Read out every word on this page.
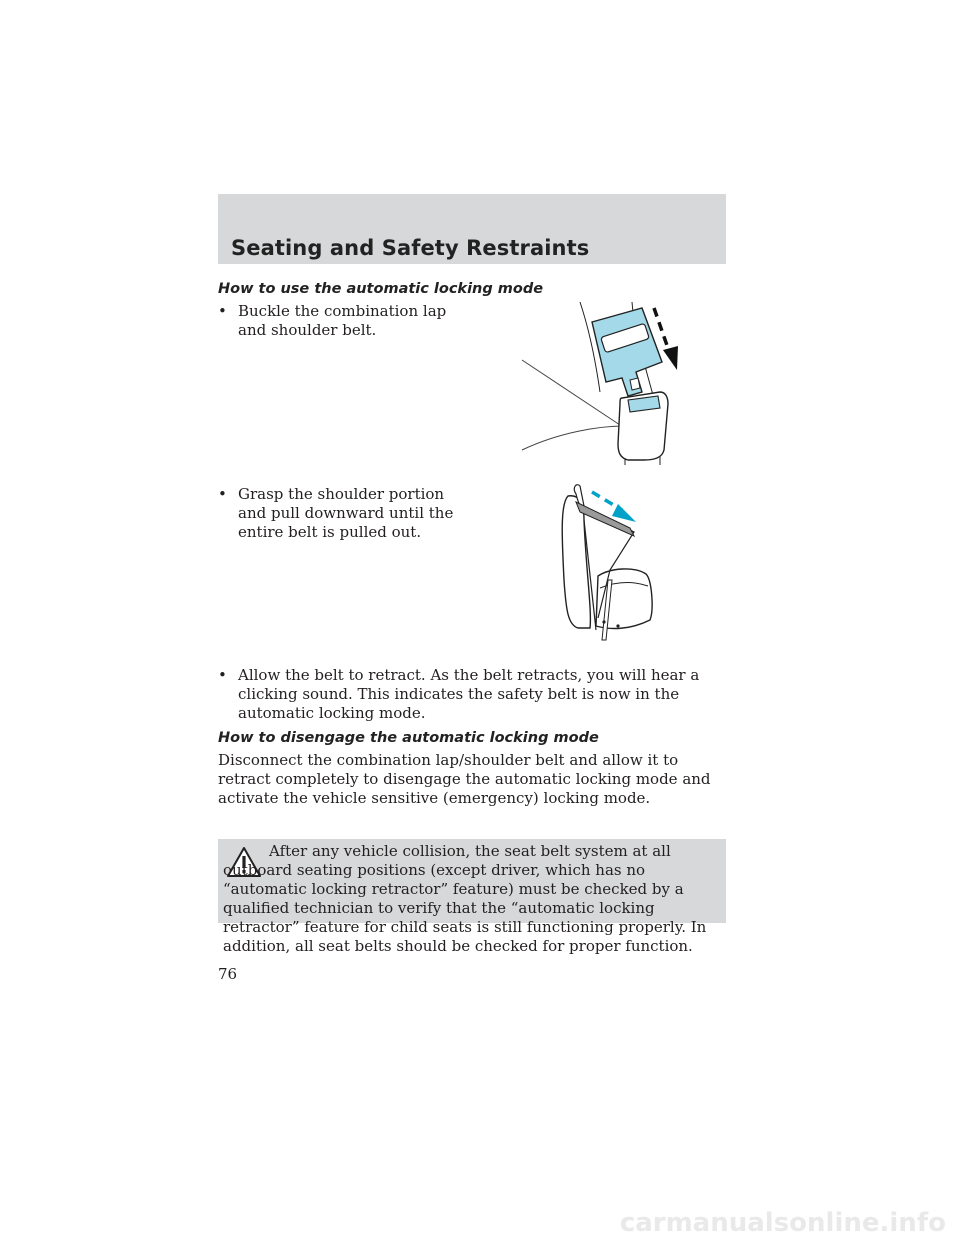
Seating and Safety Restraints
How to use the automatic locking mode
• Buckle the combination lap and shoulder belt.
• Grasp the shoulder portion and pull downward until the entire belt is pulled out.
• Allow the belt to retract. As the belt retracts, you will hear a clicking sound. This indicates the safety belt is now in the automatic locking mode.
How to disengage the automatic locking mode

Disconnect the combination lap/shoulder belt and allow it to retract completely to disengage the automatic locking mode and activate the vehicle sensitive (emergency) locking mode.

After any vehicle collision, the seat belt system at all outboard seating positions (except driver, which has no “automatic locking retractor” feature) must be checked by a qualified technician to verify that the “automatic locking retractor” feature for child seats is still functioning properly. In addition, all seat belts should be checked for proper function.

76
carmanualsonline.info
